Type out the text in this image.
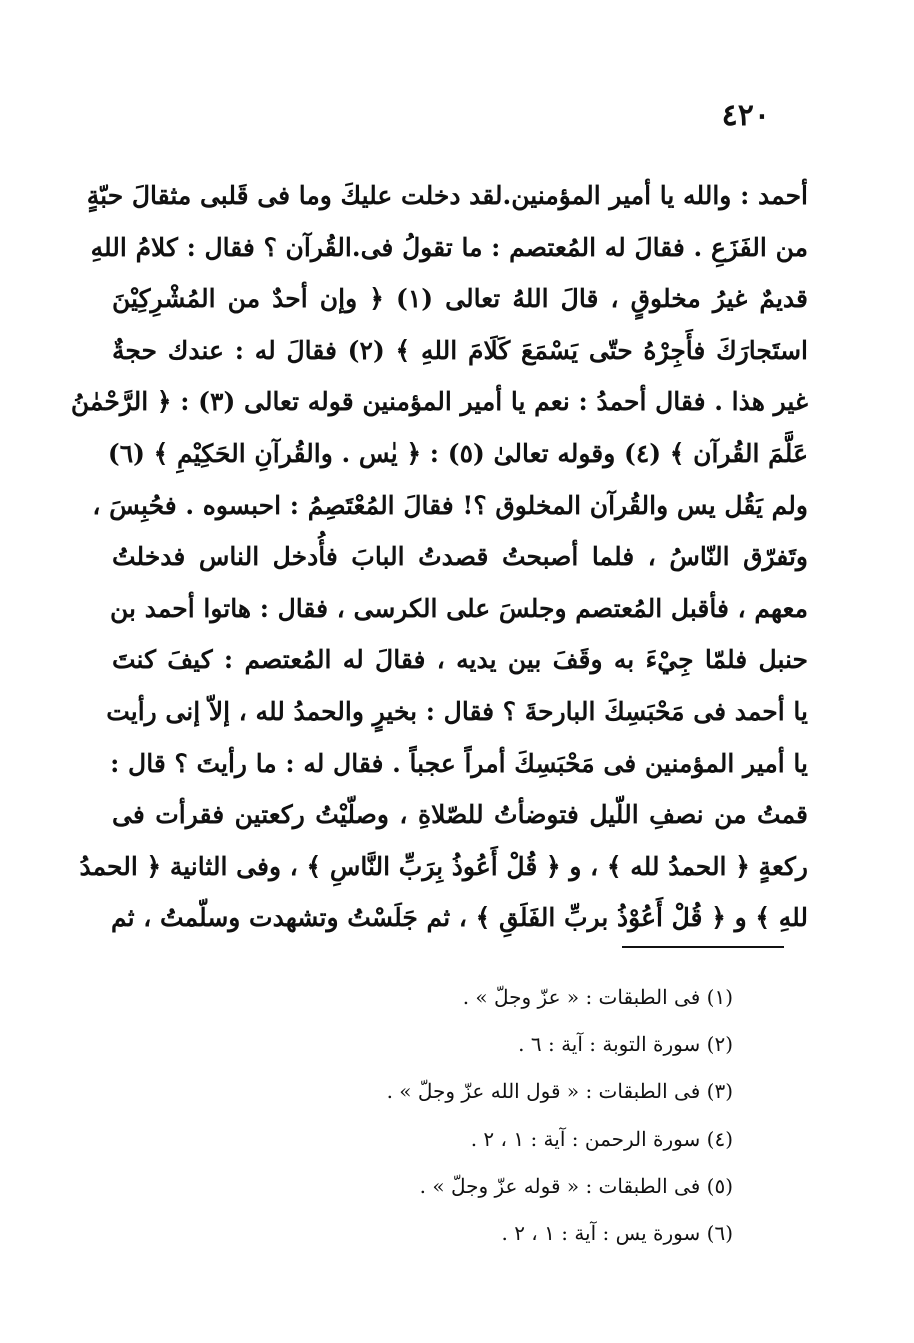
٤٢٠
أحمد : والله يا أمير المؤمنين.لقد دخلت عليكَ وما فى قَلبى مثقالَ حبّةٍ
من الفَزَعِ . فقالَ له المُعتصم : ما تقولُ فى.القُرآن ؟ فقال : كلامُ اللهِ
قديمٌ غيرُ مخلوقٍ ، قالَ اللهُ تعالى (١) ﴿ وإن أحدٌ من المُشْرِكِيْنَ
استَجارَكَ فأَجِرْهُ حتّى يَسْمَعَ كَلَامَ اللهِ ﴾ (٢) فقالَ له : عندك حجةٌ
غير هذا . فقال أحمدُ : نعم يا أمير المؤمنين قوله تعالى (٣) : ﴿ الرَّحْمٰنُ
عَلَّمَ القُرآن ﴾ (٤) وقوله تعالىٰ (٥) : ﴿ يٰس . والقُرآنِ الحَكِيْمِ ﴾ (٦)
ولم يَقُل يس والقُرآن المخلوق ؟! فقالَ المُعْتَصِمُ : احبسوه . فحُبِسَ ،
وتَفرّق النّاسُ ، فلما أصبحتُ قصدتُ البابَ فأُدخل الناس فدخلتُ
معهم ، فأقبل المُعتصم وجلسَ على الكرسى ، فقال : هاتوا أحمد بن
حنبل فلمّا جِيْءَ به وقَفَ بين يديه ، فقالَ له المُعتصم : كيفَ كنتَ
يا أحمد فى مَحْبَسِكَ البارحةَ ؟ فقال : بخيرٍ والحمدُ لله ، إلاّ إنى رأيت
يا أمير المؤمنين فى مَحْبَسِكَ أمراً عجباً . فقال له : ما رأيتَ ؟ قال :
قمتُ من نصفِ اللّيل فتوضأتُ للصّلاةِ ، وصلّيْتُ ركعتين فقرأت فى
ركعةٍ ﴿ الحمدُ لله ﴾ ، و ﴿ قُلْ أَعُوذُ بِرَبِّ النَّاسِ ﴾ ، وفى الثانية ﴿ الحمدُ
للهِ ﴾ و ﴿ قُلْ أَعُوْذُ بربِّ الفَلَقِ ﴾ ، ثم جَلَسْتُ وتشهدت وسلّمتُ ، ثم
(١) فى الطبقات : « عزّ وجلّ » .
(٢) سورة التوبة : آية : ٦ .
(٣) فى الطبقات : « قول الله عزّ وجلّ » .
(٤) سورة الرحمن : آية : ١ ، ٢ .
(٥) فى الطبقات : « قوله عزّ وجلّ » .
(٦) سورة يس : آية : ١ ، ٢ .
